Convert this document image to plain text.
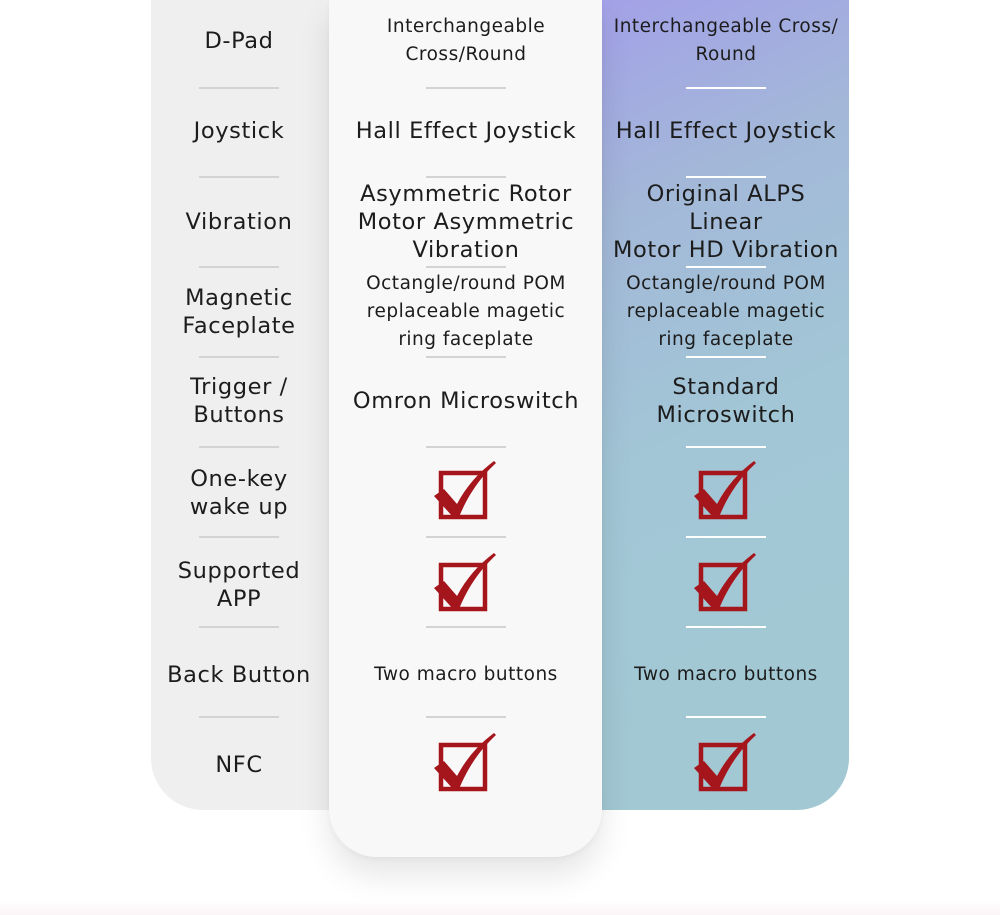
D-Pad
Joystick
Vibration
Magnetic
Faceplate
Trigger /
Buttons
One-key
wake up
Supported
APP
Back Button
NFC
Interchangeable Cross/
Round
Hall Effect Joystick
Original ALPS Linear
Motor HD Vibration
Octangle/round POM
replaceable magetic
ring faceplate
Standard
Microswitch
Two macro buttons
Interchangeable
Cross/Round
Hall Effect Joystick
Asymmetric Rotor
Motor Asymmetric
Vibration
Octangle/round POM
replaceable magetic
ring faceplate
Omron Microswitch
Two macro buttons
